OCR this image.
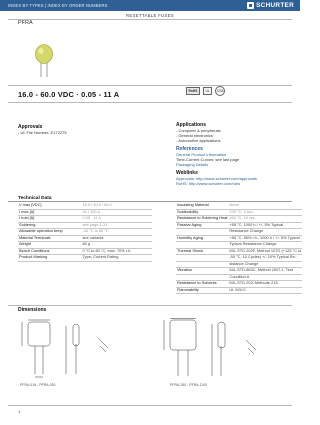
INDEX BY TYPES | INDEX BY ORDER NUMBERS	SCHURTER
RESETTABLE FUSES
PFRA
16.0 - 60.0 VDC · 0.05 - 11 A	RoHS	UL	CSA
Approvals
- UL File Number: E172275
Applications
- Computer & peripherals
- General electronics
- Automotive applications
References
General Product Information
Time-Current Curves: see last page
Packaging Details
Weblinks
Approvals: http://www.schurter.com/approvals
RoHS: http://www.schurter.com/rohs
Technical Data
V max [VDC]	16.0 / 30.0 / 60.0
I max [A]	40 / 100 A
I hold [A]	0.05 - 11 A
Soldering	see page 1-31
Allowable operation temp	-40 °C to 85 °C
Material Terminals	see variants
Weight	80 g
Bench Conditions	0 °C to 60 °C, max. 70% r.h.
Product Marking	Type, Current Rating
Insulating Material	None
Solderability	235 °C, 3 sec.
Resistance to Soldering Heat	260 °C, 10 sec.
Passive Aging	+85 °C, 1000 h / +/- 5% Typical
	Resistance Change
Humidity Aging	+85 °C, 85% r.h., 1000 h / +/- 5% Typical
	Typical Resistance Change
Thermal Shock	MIL-STD-202F, Method 107G (+125 °C to
	-55 °C, 10 Cycles) +/- 10% Typical Re-
	sistance Change
Vibration	MIL-STD-883C, Method 2007.1, Test
	Condition A
Resistance to Solvents	MIL-STD-202, Methode 215
Flammability	UL 94V-0
Dimensions
PFRA.016 - PFRA.030	PFRA.250 - PFRA.1100
1
